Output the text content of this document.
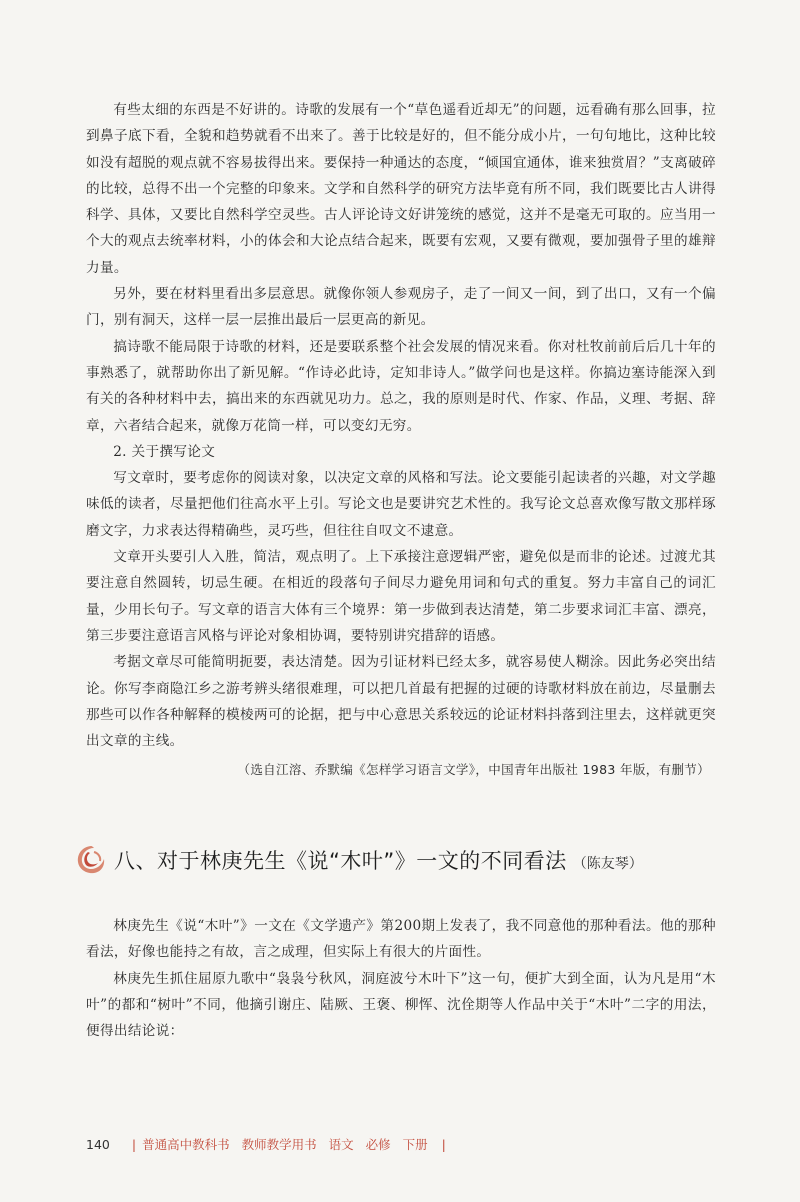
有些太细的东西是不好讲的。诗歌的发展有一个“草色遥看近却无”的问题，远看确有那么回事，拉到鼻子底下看，全貌和趋势就看不出来了。善于比较是好的，但不能分成小片，一句句地比，这种比较如没有超脱的观点就不容易拔得出来。要保持一种通达的态度，“倾国宜通体，谁来独赏眉？”支离破碎的比较，总得不出一个完整的印象来。文学和自然科学的研究方法毕竟有所不同，我们既要比古人讲得科学、具体，又要比自然科学空灵些。古人评论诗文好讲笼统的感觉，这并不是毫无可取的。应当用一个大的观点去统率材料，小的体会和大论点结合起来，既要有宏观，又要有微观，要加强骨子里的雄辩力量。

另外，要在材料里看出多层意思。就像你领人参观房子，走了一间又一间，到了出口，又有一个偏门，别有洞天，这样一层一层推出最后一层更高的新见。

搞诗歌不能局限于诗歌的材料，还是要联系整个社会发展的情况来看。你对杜牧前前后后几十年的事熟悉了，就帮助你出了新见解。“作诗必此诗，定知非诗人。”做学问也是这样。你搞边塞诗能深入到有关的各种材料中去，搞出来的东西就见功力。总之，我的原则是时代、作家、作品，义理、考据、辞章，六者结合起来，就像万花筒一样，可以变幻无穷。

2. 关于撰写论文

写文章时，要考虑你的阅读对象，以决定文章的风格和写法。论文要能引起读者的兴趣，对文学趣味低的读者，尽量把他们往高水平上引。写论文也是要讲究艺术性的。我写论文总喜欢像写散文那样琢磨文字，力求表达得精确些，灵巧些，但往往自叹文不逮意。

文章开头要引人入胜，简洁，观点明了。上下承接注意逻辑严密，避免似是而非的论述。过渡尤其要注意自然圆转，切忌生硬。在相近的段落句子间尽力避免用词和句式的重复。努力丰富自己的词汇量，少用长句子。写文章的语言大体有三个境界：第一步做到表达清楚，第二步要求词汇丰富、漂亮，第三步要注意语言风格与评论对象相协调，要特别讲究措辞的语感。

考据文章尽可能简明扼要，表达清楚。因为引证材料已经太多，就容易使人糊涂。因此务必突出结论。你写李商隐江乡之游考辨头绪很难理，可以把几首最有把握的过硬的诗歌材料放在前边，尽量删去那些可以作各种解释的模棱两可的论据，把与中心意思关系较远的论证材料抖落到注里去，这样就更突出文章的主线。

（选自江溶、乔默编《怎样学习语言文学》，中国青年出版社 1983 年版，有删节）

八、对于林庚先生《说“木叶”》一文的不同看法 （陈友琴）

林庚先生《说“木叶”》一文在《文学遗产》第200期上发表了，我不同意他的那种看法。他的那种看法，好像也能持之有故，言之成理，但实际上有很大的片面性。

林庚先生抓住屈原九歌中“袅袅兮秋风，洞庭波兮木叶下”这一句，便扩大到全面，认为凡是用“木叶”的都和“树叶”不同，他摘引谢庄、陆厥、王褒、柳恽、沈佺期等人作品中关于“木叶”二字的用法，便得出结论说：

140 | 普通高中教科书 教师教学用书 语文 必修 下册	|
